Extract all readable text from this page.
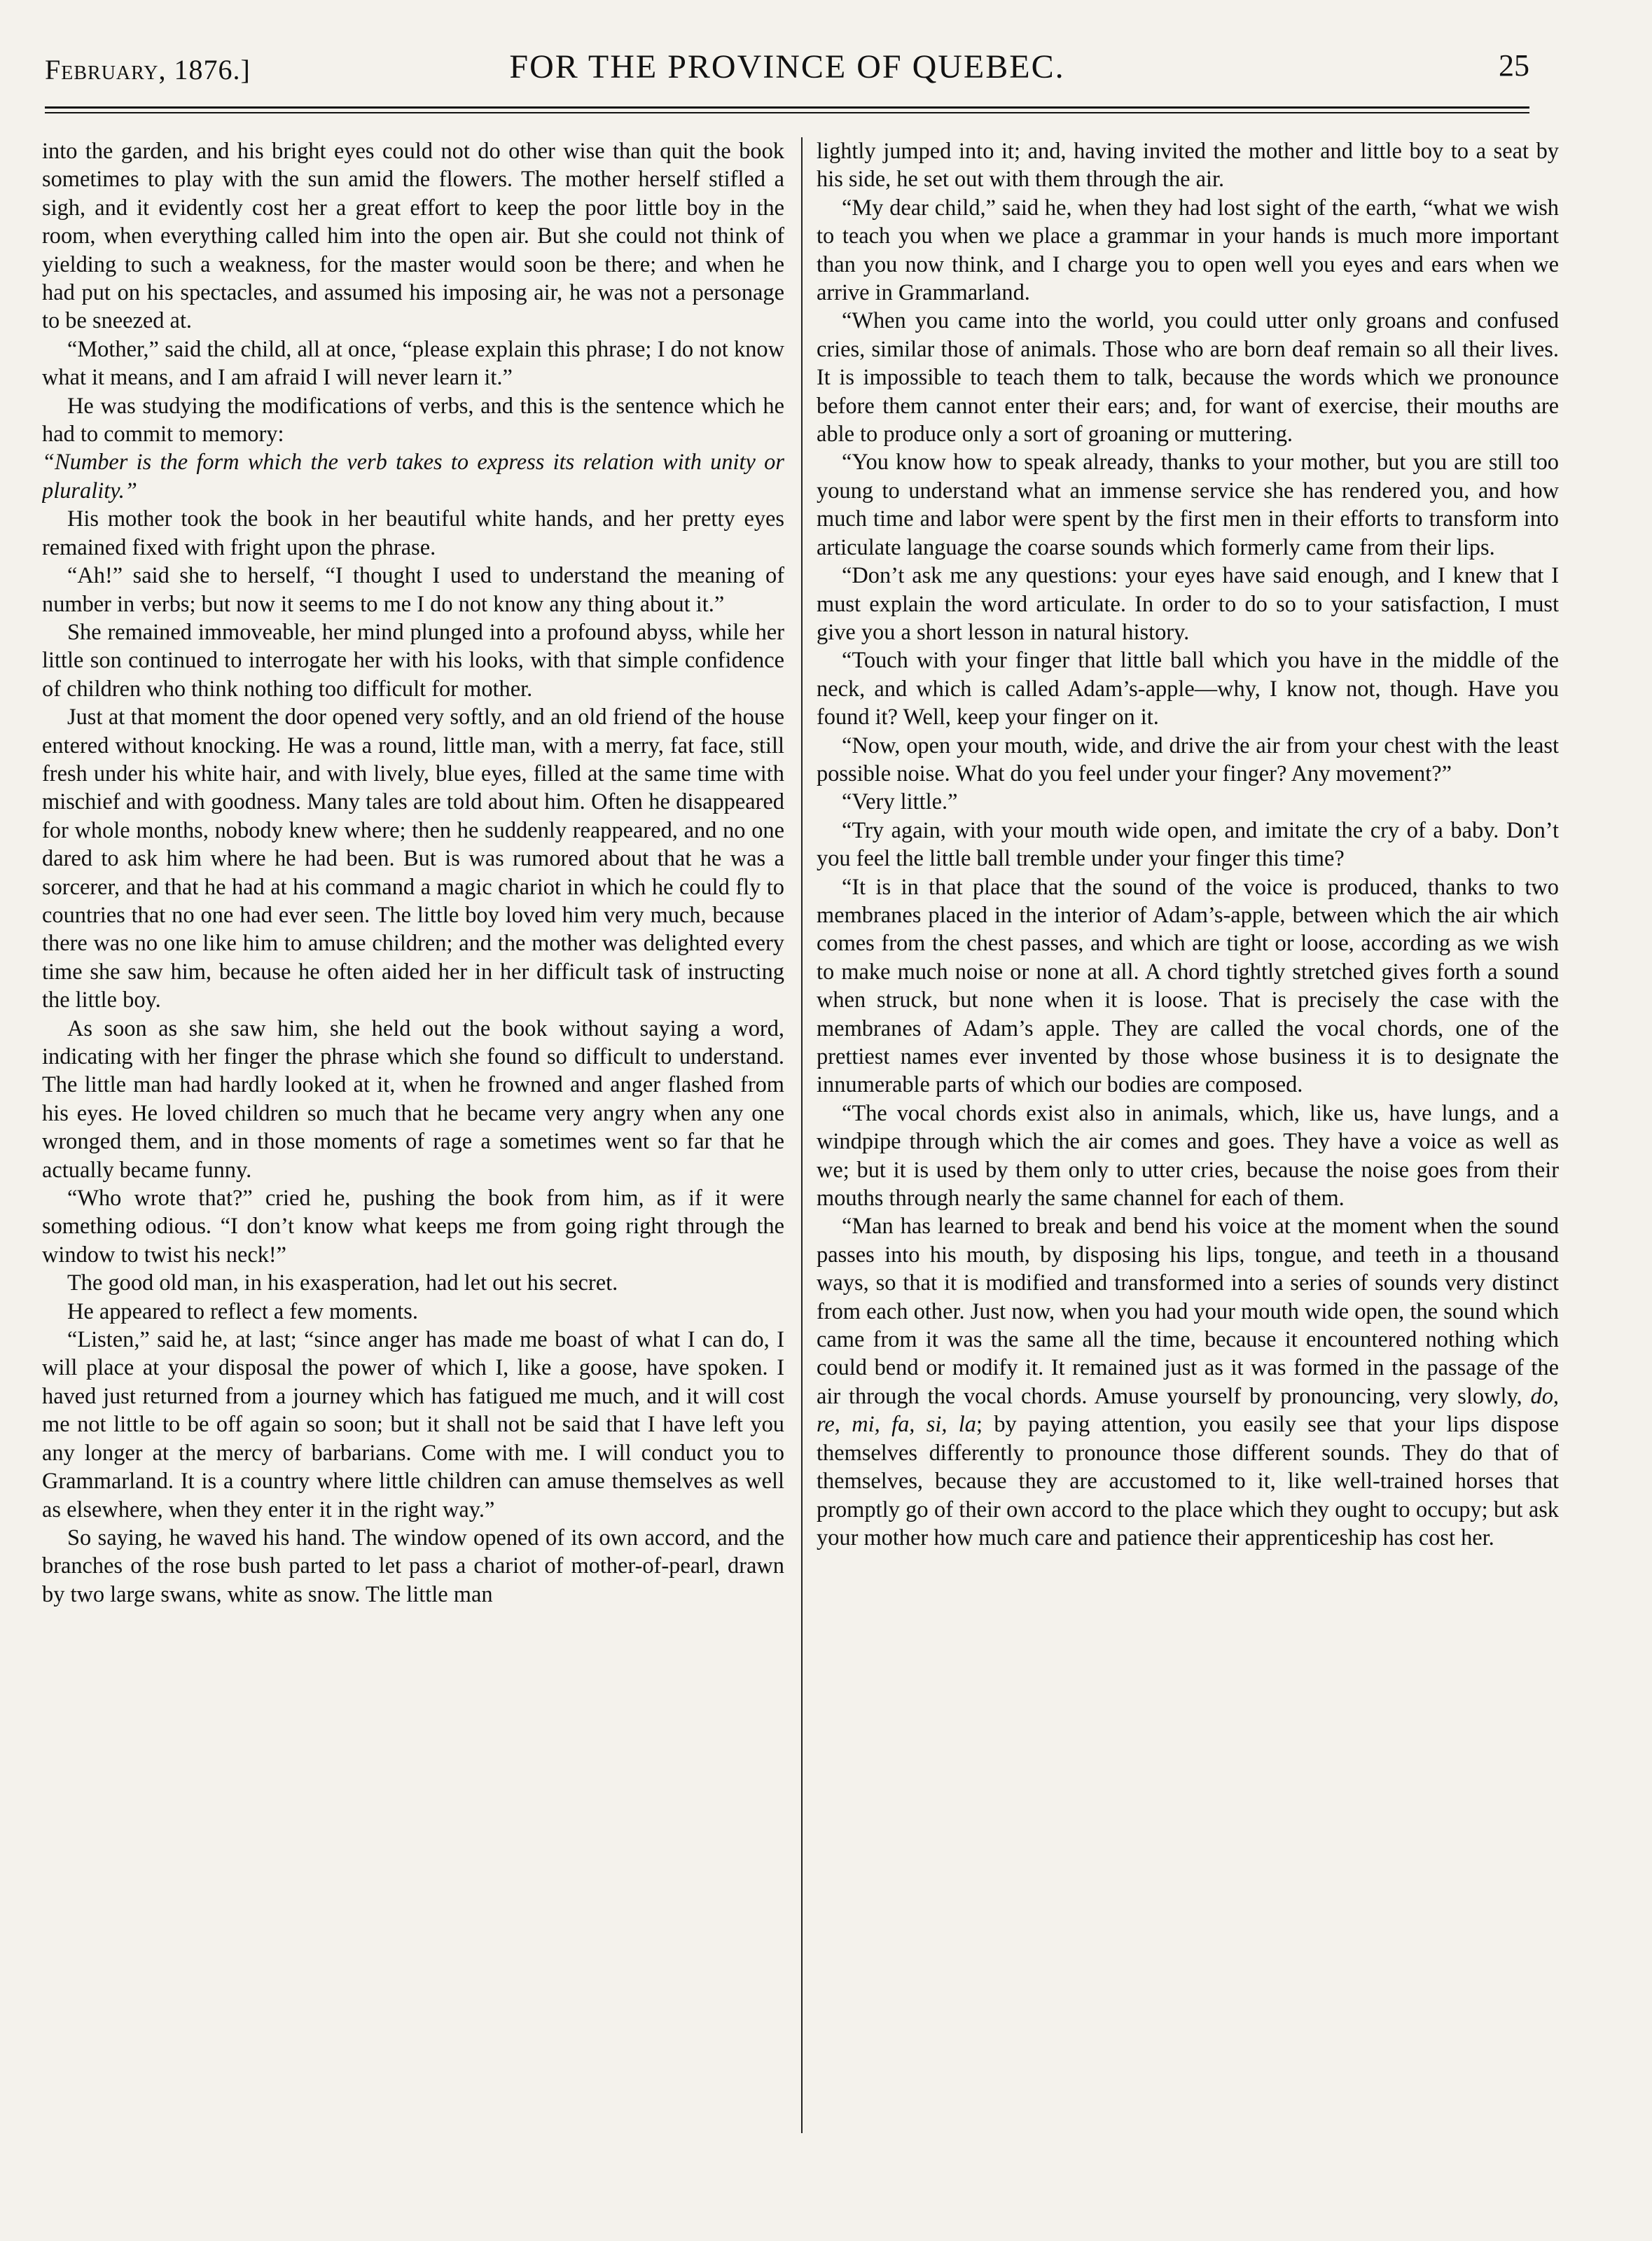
February, 1876.]	FOR THE PROVINCE OF QUEBEC.	25

into the garden, and his bright eyes could not do other wise than quit the book sometimes to play with the sun amid the flowers. The mother herself stifled a sigh, and it evidently cost her a great effort to keep the poor little boy in the room, when everything called him into the open air. But she could not think of yielding to such a weakness, for the master would soon be there; and when he had put on his spectacles, and assumed his imposing air, he was not a personage to be sneezed at.

“Mother,” said the child, all at once, “please explain this phrase; I do not know what it means, and I am afraid I will never learn it.”

He was studying the modifications of verbs, and this is the sentence which he had to commit to memory:

“Number is the form which the verb takes to express its relation with unity or plurality.”

His mother took the book in her beautiful white hands, and her pretty eyes remained fixed with fright upon the phrase.

“Ah!” said she to herself, “I thought I used to understand the meaning of number in verbs; but now it seems to me I do not know any thing about it.”

She remained immoveable, her mind plunged into a profound abyss, while her little son continued to interrogate her with his looks, with that simple confidence of children who think nothing too difficult for mother.

Just at that moment the door opened very softly, and an old friend of the house entered without knocking. He was a round, little man, with a merry, fat face, still fresh under his white hair, and with lively, blue eyes, filled at the same time with mischief and with goodness. Many tales are told about him. Often he disappeared for whole months, nobody knew where; then he suddenly reappeared, and no one dared to ask him where he had been. But is was rumored about that he was a sorcerer, and that he had at his command a magic chariot in which he could fly to countries that no one had ever seen. The little boy loved him very much, because there was no one like him to amuse children; and the mother was delighted every time she saw him, because he often aided her in her difficult task of instructing the little boy.

As soon as she saw him, she held out the book without saying a word, indicating with her finger the phrase which she found so difficult to understand. The little man had hardly looked at it, when he frowned and anger flashed from his eyes. He loved children so much that he became very angry when any one wronged them, and in those moments of rage a sometimes went so far that he actually became funny.

“Who wrote that?” cried he, pushing the book from him, as if it were something odious. “I don’t know what keeps me from going right through the window to twist his neck!”

The good old man, in his exasperation, had let out his secret.

He appeared to reflect a few moments.

“Listen,” said he, at last; “since anger has made me boast of what I can do, I will place at your disposal the power of which I, like a goose, have spoken. I haved just returned from a journey which has fatigued me much, and it will cost me not little to be off again so soon; but it shall not be said that I have left you any longer at the mercy of barbarians. Come with me. I will conduct you to Grammarland. It is a country where little children can amuse themselves as well as elsewhere, when they enter it in the right way.”

So saying, he waved his hand. The window opened of its own accord, and the branches of the rose bush parted to let pass a chariot of mother-of-pearl, drawn by two large swans, white as snow. The little man

lightly jumped into it; and, having invited the mother and little boy to a seat by his side, he set out with them through the air.

“My dear child,” said he, when they had lost sight of the earth, “what we wish to teach you when we place a grammar in your hands is much more important than you now think, and I charge you to open well you eyes and ears when we arrive in Grammarland.

“When you came into the world, you could utter only groans and confused cries, similar those of animals. Those who are born deaf remain so all their lives. It is impossible to teach them to talk, because the words which we pronounce before them cannot enter their ears; and, for want of exercise, their mouths are able to produce only a sort of groaning or muttering.

“You know how to speak already, thanks to your mother, but you are still too young to understand what an immense service she has rendered you, and how much time and labor were spent by the first men in their efforts to transform into articulate language the coarse sounds which formerly came from their lips.

“Don’t ask me any questions: your eyes have said enough, and I knew that I must explain the word articulate. In order to do so to your satisfaction, I must give you a short lesson in natural history.

“Touch with your finger that little ball which you have in the middle of the neck, and which is called Adam’s-apple—why, I know not, though. Have you found it? Well, keep your finger on it.

“Now, open your mouth, wide, and drive the air from your chest with the least possible noise. What do you feel under your finger? Any movement?”

“Very little.”

“Try again, with your mouth wide open, and imitate the cry of a baby. Don’t you feel the little ball tremble under your finger this time?

“It is in that place that the sound of the voice is produced, thanks to two membranes placed in the interior of Adam’s-apple, between which the air which comes from the chest passes, and which are tight or loose, according as we wish to make much noise or none at all. A chord tightly stretched gives forth a sound when struck, but none when it is loose. That is precisely the case with the membranes of Adam’s apple. They are called the vocal chords, one of the prettiest names ever invented by those whose business it is to designate the innumerable parts of which our bodies are composed.

“The vocal chords exist also in animals, which, like us, have lungs, and a windpipe through which the air comes and goes. They have a voice as well as we; but it is used by them only to utter cries, because the noise goes from their mouths through nearly the same channel for each of them.

“Man has learned to break and bend his voice at the moment when the sound passes into his mouth, by disposing his lips, tongue, and teeth in a thousand ways, so that it is modified and transformed into a series of sounds very distinct from each other. Just now, when you had your mouth wide open, the sound which came from it was the same all the time, because it encountered nothing which could bend or modify it. It remained just as it was formed in the passage of the air through the vocal chords. Amuse yourself by pronouncing, very slowly, do, re, mi, fa, si, la; by paying attention, you easily see that your lips dispose themselves differently to pronounce those different sounds. They do that of themselves, because they are accustomed to it, like well-trained horses that promptly go of their own accord to the place which they ought to occupy; but ask your mother how much care and patience their apprenticeship has cost her.
